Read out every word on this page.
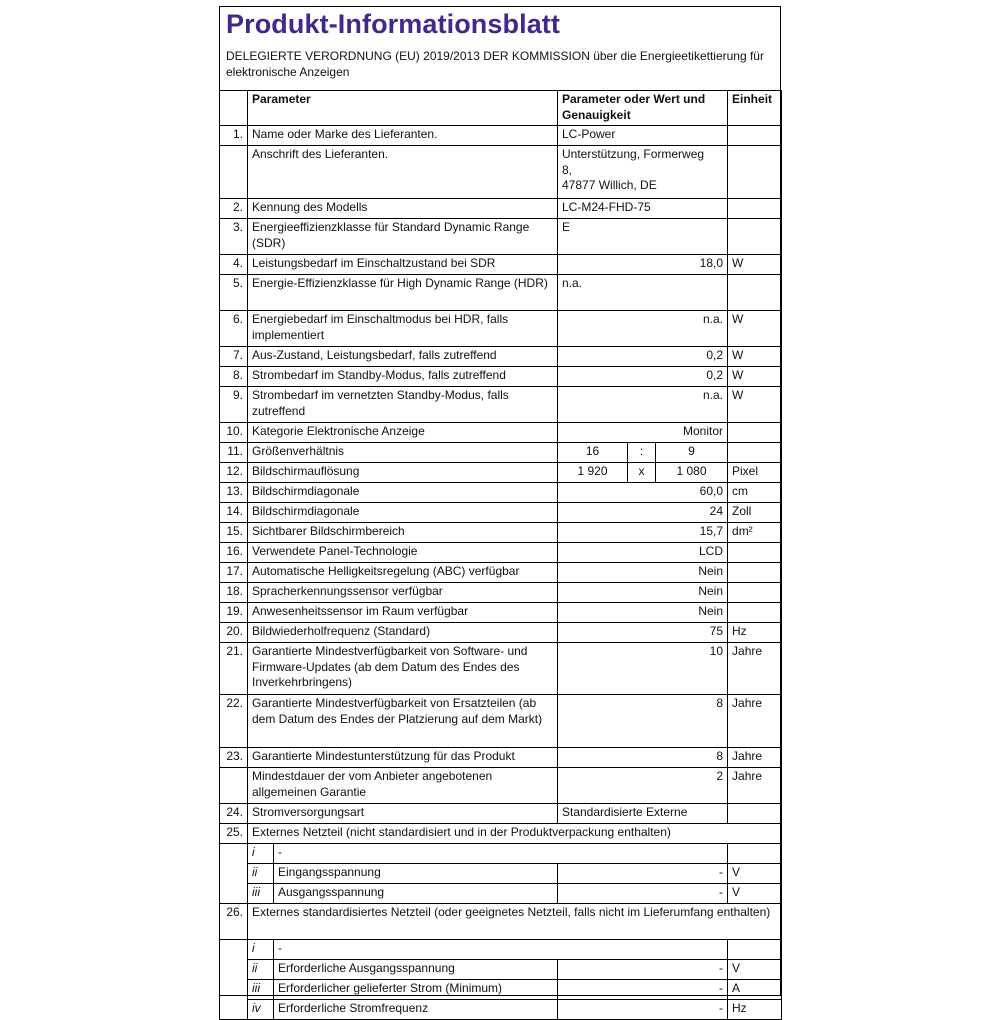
Produkt-Informationsblatt
DELEGIERTE VERORDNUNG (EU) 2019/2013 DER KOMMISSION über die Energieetikettierung für elektronische Anzeigen
	Parameter		Parameter oder Wert und Genauigkeit			Einheit
1.	Name oder Marke des Lieferanten.		LC-Power			
	Anschrift des Lieferanten.		Unterstützung, Formerweg
8,
47877 Willich, DE			

2.	Kennung des Modells		LC-M24-FHD-75			
3.	Energieeffizienzklasse für Standard Dynamic Range (SDR)		E			
4.	Leistungsbedarf im Einschaltzustand bei SDR		18,0			W
5.	Energie-Effizienzklasse für High Dynamic Range (HDR)		n.a.			
6.	Energiebedarf im Einschaltmodus bei HDR, falls implementiert		n.a.			W
7.	Aus-Zustand, Leistungsbedarf, falls zutreffend		0,2			W
8.	Strombedarf im Standby-Modus, falls zutreffend		0,2			W
9.	Strombedarf im vernetzten Standby-Modus, falls zutreffend		n.a.			W
10.	Kategorie Elektronische Anzeige		Monitor			
11.	Größenverhältnis		16	:	9	
12.	Bildschirmauflösung		1 920	x	1 080	Pixel
13.	Bildschirmdiagonale		60,0			cm
14.	Bildschirmdiagonale		24			Zoll
15.	Sichtbarer Bildschirmbereich		15,7			dm²
16.	Verwendete Panel-Technologie		LCD			
17.	Automatische Helligkeitsregelung (ABC) verfügbar		Nein			
18.	Spracherkennungssensor verfügbar		Nein			
19.	Anwesenheitssensor im Raum verfügbar		Nein			
20.	Bildwiederholfrequenz (Standard)		75			Hz
21.	Garantierte Mindestverfügbarkeit von Software- und Firmware-Updates (ab dem Datum des Endes des Inverkehrbringens)		10			Jahre
22.	Garantierte Mindestverfügbarkeit von Ersatzteilen (ab dem Datum des Endes der Platzierung auf dem Markt)		8			Jahre
23.	Garantierte Mindestunterstützung für das Produkt		8			Jahre
	Mindestdauer der vom Anbieter angebotenen allgemeinen Garantie		2			Jahre
24.	Stromversorgungsart		Standardisierte Externe			
25.	Externes Netzteil (nicht standardisiert und in der Produktverpackung enthalten)					
	i	-				
	ii	Eingangsspannung	-			V
	iii	Ausgangsspannung	-			V
26.	Externes standardisiertes Netzteil (oder geeignetes Netzteil, falls nicht im Lieferumfang enthalten)					
	i	-				
	ii	Erforderliche Ausgangsspannung	-			V
	iii	Erforderlicher gelieferter Strom (Minimum)	-			A
	iv	Erforderliche Stromfrequenz	-			Hz
